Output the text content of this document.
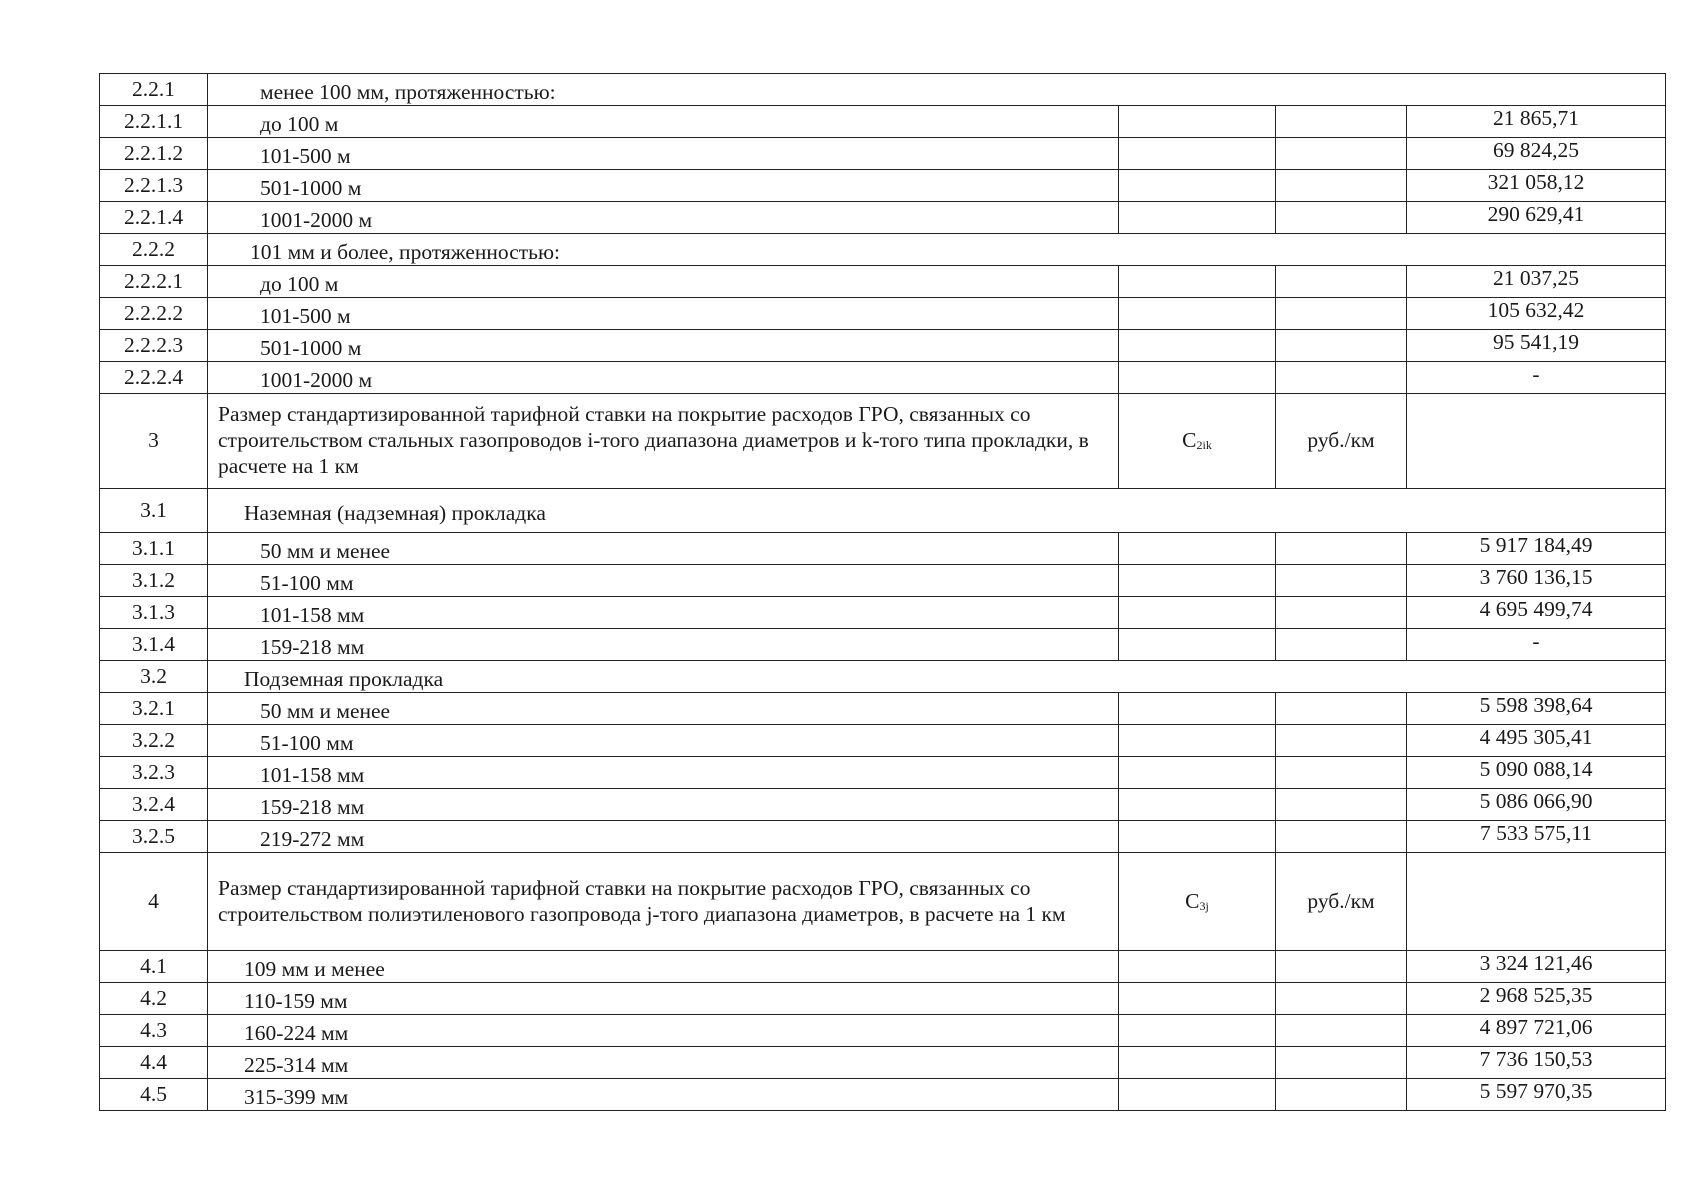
2.2.1	менее 100 мм, протяженностью:			
2.2.1.1	до 100 м			21 865,71
2.2.1.2	101-500 м			69 824,25
2.2.1.3	501-1000 м			321 058,12
2.2.1.4	1001-2000 м			290 629,41
2.2.2	101 мм и более, протяженностью:			
2.2.2.1	до 100 м			21 037,25
2.2.2.2	101-500 м			105 632,42
2.2.2.3	501-1000 м			95 541,19
2.2.2.4	1001-2000 м			-
3	Размер стандартизированной тарифной ставки на покрытие расходов ГРО, связанных со строительством стальных газопроводов i-того диапазона диаметров и k-того типа прокладки, в расчете на 1 км	$C_{2ik}$	руб./км	
3.1	Наземная (надземная) прокладка			
3.1.1	50 мм и менее			5 917 184,49
3.1.2	51-100 мм			3 760 136,15
3.1.3	101-158 мм			4 695 499,74
3.1.4	159-218 мм			-
3.2	Подземная прокладка			
3.2.1	50 мм и менее			5 598 398,64
3.2.2	51-100 мм			4 495 305,41
3.2.3	101-158 мм			5 090 088,14
3.2.4	159-218 мм			5 086 066,90
3.2.5	219-272 мм			7 533 575,11
4	Размер стандартизированной тарифной ставки на покрытие расходов ГРО, связанных со строительством полиэтиленового газопровода j-того диапазона диаметров, в расчете на 1 км	$C_{3j}$	руб./км	
4.1	109 мм и менее			3 324 121,46
4.2	110-159 мм			2 968 525,35
4.3	160-224 мм			4 897 721,06
4.4	225-314 мм			7 736 150,53
4.5	315-399 мм			5 597 970,35
